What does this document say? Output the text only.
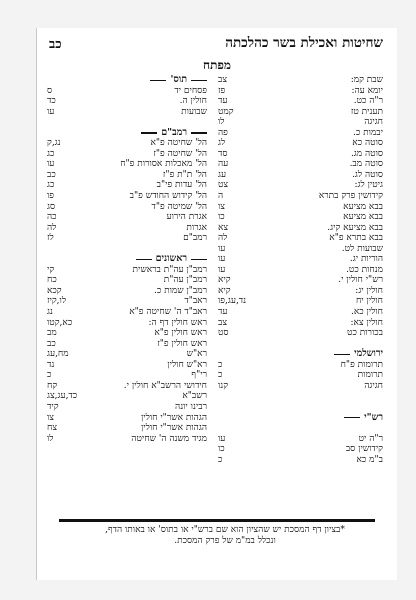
כב	שחיטות ואכילת בשר כהלכתה
מפתח
שבת קמ:
צב
יומא עה:
פז
ר"ה כט.
עד
תענית טז
קמט
חגיגה
לו
יבמות כ.
פה
סוטה כא
לג
סוטה מג.
סד
סוטה מב.
עה
סוטה לג.
עג
גיטין לג:
צט
קידושין פרק בתרא
ה
בבא מציעא
צו
בבא מציעא
כו
בבא מציעא קיג.
צא
בבא בתרא פ"א
לה
שבועות לט.
עו
הוריות יג.
עו
מנחות כט.
עו
רש"י חולין י.
קיא
חולין יג:
קיא
חולין יח
נד,עג,פו
חולין כא.
עד
חולין צא:
צב
בכורות כט
סט
ירושלמי
תרומות פ"ח
כ
תרומות
כ
חגיגה
קנו
רש"י
ר"ה יט
עו
קידושין סב
כו
ב"מ כא
כ
תוס'
פסחים יד
ס
חולין ה.
כד
שבועות
עו
רמב"ם
הל' שחיטה פ"א
נג,ק
הל' שחיטה פ"ז
כג
הל' מאכלות אסורות פ"ח
עו
הל' ת"ת פ"ז
כב
הל' עדות פי"ב
כג
הל' קידוש החודש פ"ב
פו
הל' שמיטה פ"ד
סג
אגרת הירוע
כה
אגרות
לה
רמב"ם
לז
ראשונים
רמב"ן עה"ת בראשית
קי
רמב"ן עה"ת
כח
רמב"ן שמות כ.
קכא
ראב"ד
לו,קיז
ראב"ד ה' שחיטה פ"א
נג
ראש חולין דף ה:
כא,קטו
ראש חולין פ"א
מב
ראש חולין פ"ז
כב
רא"ש
מח,עג
רא"ש חולין
נד
רי"ף
כ
חידושי הרשב"א חולין י.
קח
רשב"א
כד,עג,צג
רבינו יונה
קיד
הגהות אשר"י חולין
צו
הגהות אשר"י חולין
צח
מגיד משנה ה' שחיטה
לו
*בציון דף המסכת יש שהציון הוא שם ברש"י או בתוס' או באותו הדף, ונכלל במ"מ של פרק המסכת.
